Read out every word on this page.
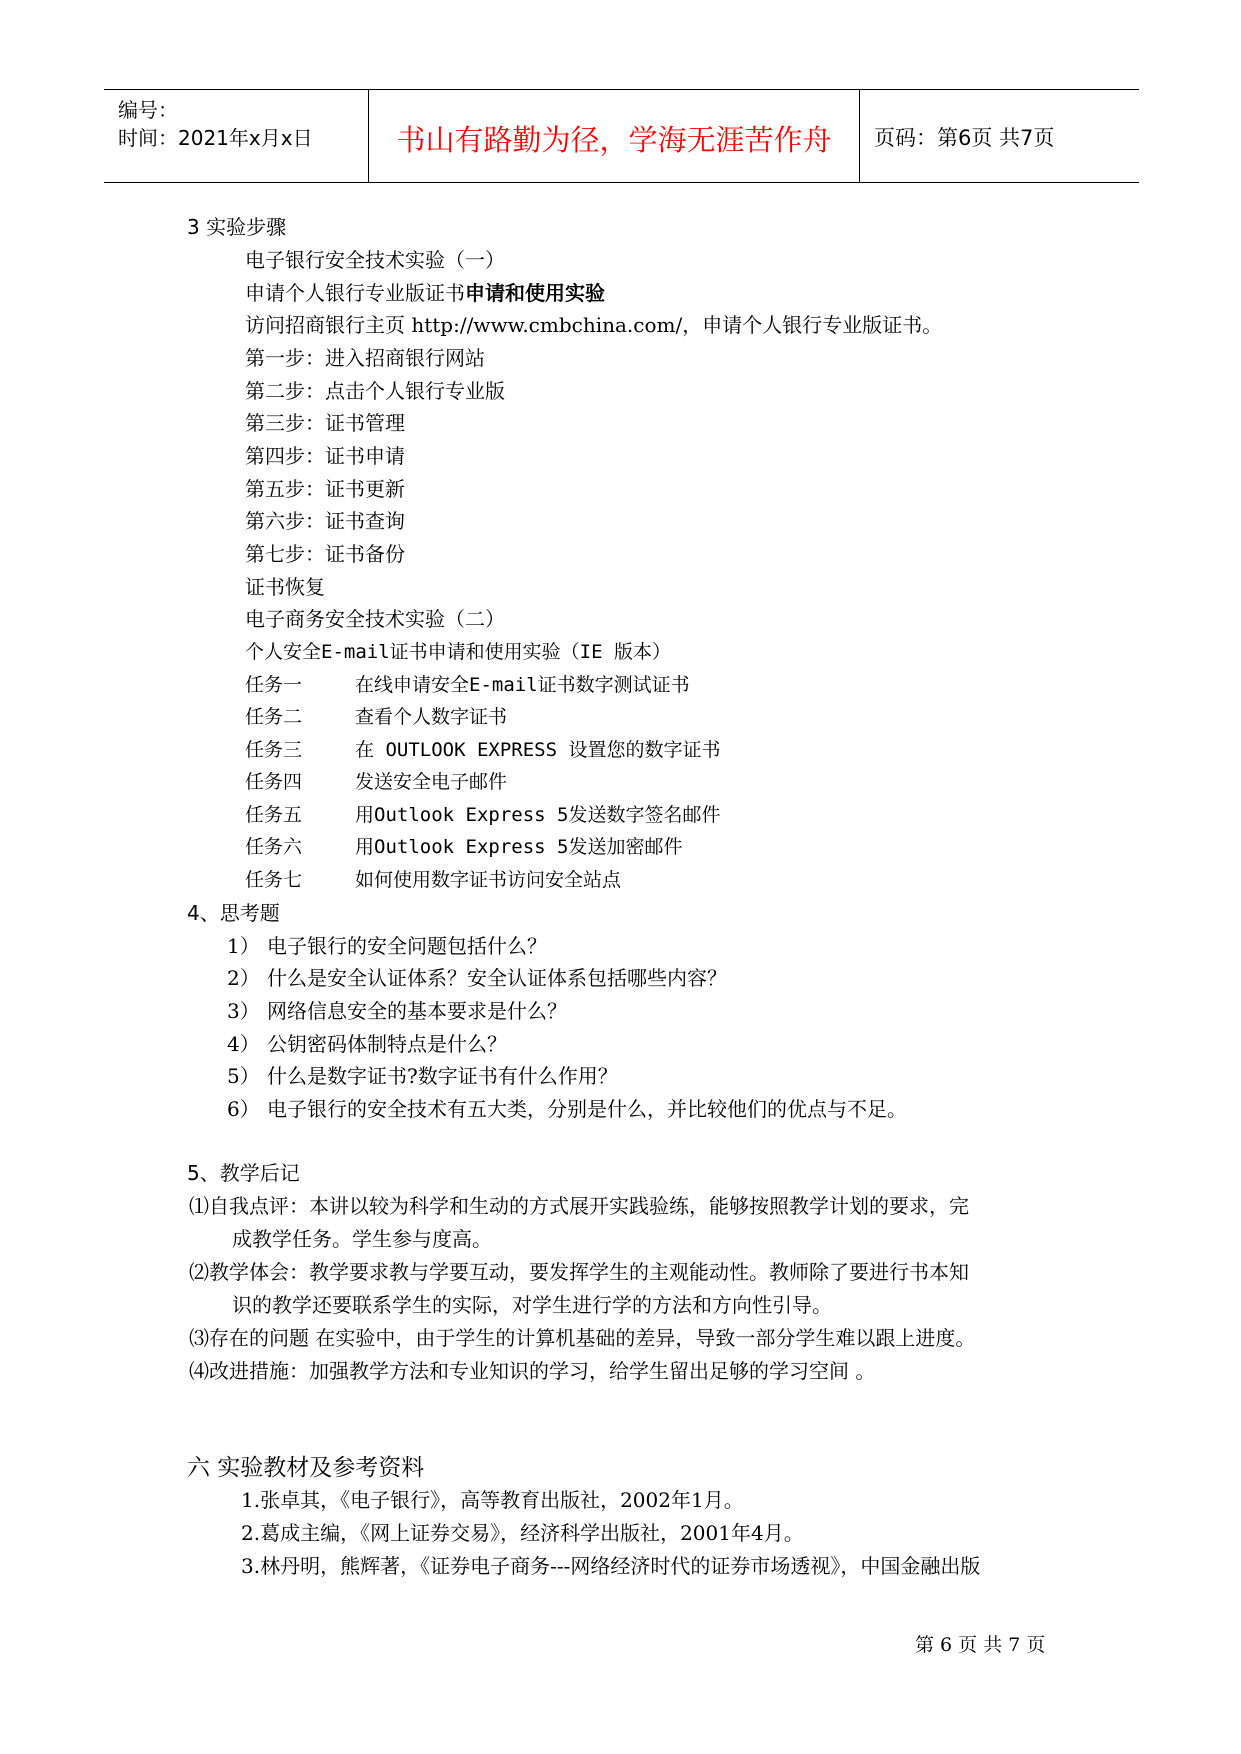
编号：
时间：2021年x月x日	书山有路勤为径，学海无涯苦作舟	页码：第6页 共7页
3 实验步骤
电子银行安全技术实验（一）
申请个人银行专业版证书申请和使用实验
访问招商银行主页 http://www.cmbchina.com/，申请个人银行专业版证书。
第一步：进入招商银行网站
第二步：点击个人银行专业版
第三步：证书管理
第四步：证书申请
第五步：证书更新
第六步：证书查询
第七步：证书备份
证书恢复
电子商务安全技术实验（二）
个人安全E-mail证书申请和使用实验（IE 版本）
任务一	在线申请安全E-mail证书数字测试证书
任务二	查看个人数字证书
任务三	在 OUTLOOK EXPRESS 设置您的数字证书
任务四	发送安全电子邮件
任务五	用Outlook Express 5发送数字签名邮件
任务六	用Outlook Express 5发送加密邮件
任务七	如何使用数字证书访问安全站点
4、思考题
1） 电子银行的安全问题包括什么？
2） 什么是安全认证体系？安全认证体系包括哪些内容？
3） 网络信息安全的基本要求是什么？
4） 公钥密码体制特点是什么？
5） 什么是数字证书?数字证书有什么作用？
6） 电子银行的安全技术有五大类，分别是什么，并比较他们的优点与不足。
5、教学后记
⑴自我点评：本讲以较为科学和生动的方式展开实践验练，能够按照教学计划的要求，完
成教学任务。学生参与度高。
⑵教学体会：教学要求教与学要互动，要发挥学生的主观能动性。教师除了要进行书本知
识的教学还要联系学生的实际，对学生进行学的方法和方向性引导。
⑶存在的问题 在实验中，由于学生的计算机基础的差异，导致一部分学生难以跟上进度。
⑷改进措施：加强教学方法和专业知识的学习，给学生留出足够的学习空间 。
六 实验教材及参考资料
1.张卓其，《电子银行》，高等教育出版社，2002年1月。
2.葛成主编，《网上证券交易》，经济科学出版社，2001年4月。
3.林丹明，熊辉著，《证券电子商务---网络经济时代的证券市场透视》，中国金融出版
第 6 页 共 7 页
